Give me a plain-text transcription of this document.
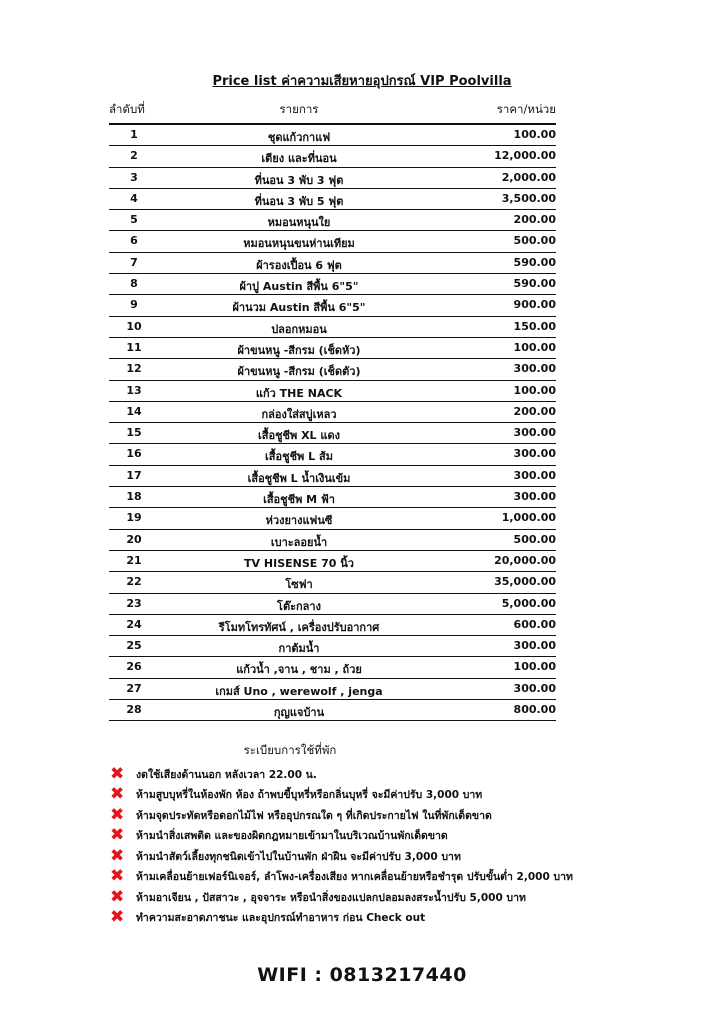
Price list ค่าความเสียหายอุปกรณ์ VIP Poolvilla
ลำดับที่	รายการ	ราคา/หน่วย
1	ชุดแก้วกาแฟ	100.00
2	เตียง และที่นอน	12,000.00
3	ที่นอน 3 พับ 3 ฟุต	2,000.00
4	ที่นอน 3 พับ 5 ฟุต	3,500.00
5	หมอนหนุนใย	200.00
6	หมอนหนุนขนห่านเทียม	500.00
7	ผ้ารองเปื้อน 6 ฟุต	590.00
8	ผ้าปู Austin สีพื้น 6"5"	590.00
9	ผ้านวม Austin สีพื้น 6"5"	900.00
10	ปลอกหมอน	150.00
11	ผ้าขนหนู -สีกรม (เช็ดหัว)	100.00
12	ผ้าขนหนู -สีกรม (เช็ดตัว)	300.00
13	แก้ว THE NACK	100.00
14	กล่องใส่สบู่เหลว	200.00
15	เสื้อชูชีพ XL แดง	300.00
16	เสื้อชูชีพ L ส้ม	300.00
17	เสื้อชูชีพ L น้ำเงินเข้ม	300.00
18	เสื้อชูชีพ M ฟ้า	300.00
19	ห่วงยางแฟนซี	1,000.00
20	เบาะลอยน้ำ	500.00
21	TV HISENSE 70 นิ้ว	20,000.00
22	โซฟา	35,000.00
23	โต๊ะกลาง	5,000.00
24	รีโมทโทรทัศน์ , เครื่องปรับอากาศ	600.00
25	กาต้มน้ำ	300.00
26	แก้วน้ำ ,จาน , ชาม , ถ้วย	100.00
27	เกมส์ Uno , werewolf , jenga	300.00
28	กุญแจบ้าน	800.00
ระเบียบการใช้ที่พัก
✖	งดใช้เสียงด้านนอก หลังเวลา 22.00 น.
✖	ห้ามสูบบุหรี่ในห้องพัก ห้อง ถ้าพบขี้บุหรี่หรือกลิ่นบุหรี่ จะมีค่าปรับ 3,000 บาท
✖	ห้ามจุดประทัดหรือดอกไม้ไฟ หรืออุปกรณใด ๆ ที่เกิดประกายไฟ ในที่พักเด็ดขาด
✖	ห้ามนำสิ่งเสพติด และของผิดกฎหมายเข้ามาในบริเวณบ้านพักเด็ดขาด
✖	ห้ามนำสัตว์เลี้ยงทุกชนิดเข้าไปในบ้านพัก ฝ่าฝืน จะมีค่าปรับ 3,000 บาท
✖	ห้ามเคลื่อนย้ายเฟอร์นิเจอร์, ลำโพง-เครื่องเสียง หากเคลื่อนย้ายหรือชำรุด ปรับขั้นต่ำ 2,000 บาท
✖	ห้ามอาเจียน , ปัสสาวะ , อุจจาระ หรือนำสิ่งของแปลกปลอมลงสระน้ำปรับ 5,000 บาท
✖	ทำความสะอาดภาชนะ และอุปกรณ์ทำอาหาร ก่อน Check out
WIFI : 0813217440
